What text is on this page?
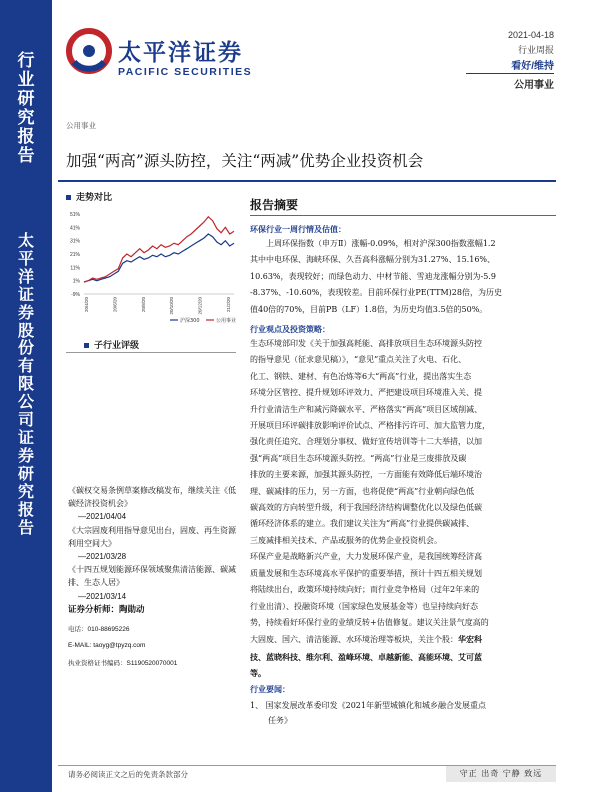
行
业
研
究
报
告
太
平
洋
证
券
股
份
有
限
公
司
证
券
研
究
报
告
太平洋证券
PACIFIC SECURITIES
2021-04-18
行业周报
看好/维持
公用事业
公用事业
加强“两高”源头防控，关注“两减”优势企业投资机会
走势对比
51%
41%
31%
21%
11%
1%
-9%
20/4/20	20/6/20	20/8/20	20/10/20	20/12/20	21/2/20
沪深300	公用事业
子行业评级
《碳权交易条例草案修改稿发布，继续关注《低碳经济投资机会》
—2021/04/04
《大宗固废利用指导意见出台，固废、再生资源利用空间大》
—2021/03/28
《十四五规划能源环保领域聚焦清洁能源、碳减排、生态人居》
—2021/03/14
证券分析师：陶勋动
电话：010-88695226
E-MAIL: taoyg@tpyzq.com
执业资格证书编码：S1190520070001
报告摘要
环保行业一周行情及估值：
上周环保指数（申万Ⅱ）涨幅-0.09%，相对沪深300指数涨幅1.2
其中中电环保、海峡环保、久吾高科涨幅分别为31.27%、15.16%、
10.63%，表现较好；而绿色动力、中材节能、雪迪龙涨幅分别为-5.9
-8.37%、-10.60%，表现较差。目前环保行业PE(TTM)28倍，为历史
值40倍的70%，目前PB（LF）1.8倍，为历史均值3.5倍的50%。
行业观点及投资策略：
生态环境部印发《关于加强高耗能、高排放项目生态环境源头防控
的指导意见（征求意见稿）》，“意见”重点关注了火电、石化、
化工、钢铁、建材、有色冶炼等6大“两高”行业，提出落实生态
环境分区管控、提升规划环评效力、严把建设项目环境准入关、提
升行业清洁生产和减污降碳水平、严格落实“两高”项目区域削减、
开展项目环评碳排放影响评价试点、严格排污许可、加大监管力度，
强化责任追究、合理划分事权、做好宣传培训等十二大举措，以加
强“两高”项目生态环境源头防控。“两高”行业是三废排放及碳
排放的主要来源，加强其源头防控，一方面能有效降低后端环境治
理、碳减排的压力，另一方面，也将促使“两高”行业朝向绿色低
碳高效的方向转型升级，利于我国经济结构调整优化以及绿色低碳
循环经济体系的建立。我们建议关注为“两高”行业提供碳减排、
三废减排相关技术、产品或服务的优势企业投资机会。
环保产业是战略新兴产业，大力发展环保产业，是我国统筹经济高
质量发展和生态环境高水平保护的重要举措，预计十四五相关规划
将陆续出台，政策环境持续向好；而行业竞争格局（过年2年来的
行业出清）、投融资环境（国家绿色发展基金等）也呈持续向好态
势，持续看好环保行业的业绩反转+估值修复。建议关注景气度高的
大固废、国六、清洁能源、水环境治理等板块，关注个股：华宏科
技、蓝晓科技、维尔利、盈峰环境、卓越新能、高能环境、艾可蓝
等。
行业要闻：
1、 国家发展改革委印发《2021年新型城镇化和城乡融合发展重点
任务》
请务必阅读正文之后的免责条款部分	守正 出奇 宁静 致远
